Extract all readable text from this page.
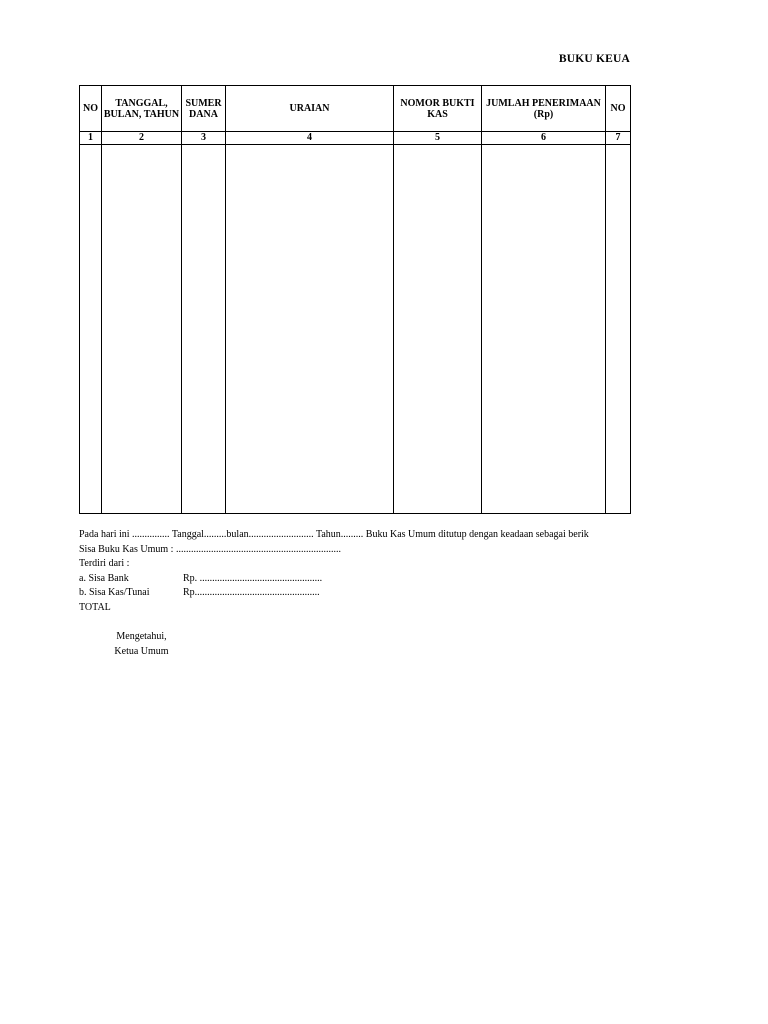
BUKU KEUA
NO	TANGGAL, BULAN, TAHUN	SUMER DANA	URAIAN	NOMOR BUKTI KAS	JUMLAH PENERIMAAN (Rp)	NO
1	2	3	4	5	6	7

Pada hari ini ............... Tanggal.........bulan.......................... Tahun......... Buku Kas Umum ditutup dengan keadaan sebagai berik
Sisa Buku Kas Umum : ..................................................................
Terdiri dari :
a. Sisa Bank	Rp. .................................................
b. Sisa Kas/Tunai	Rp..................................................
TOTAL
Mengetahui,
Ketua Umum
